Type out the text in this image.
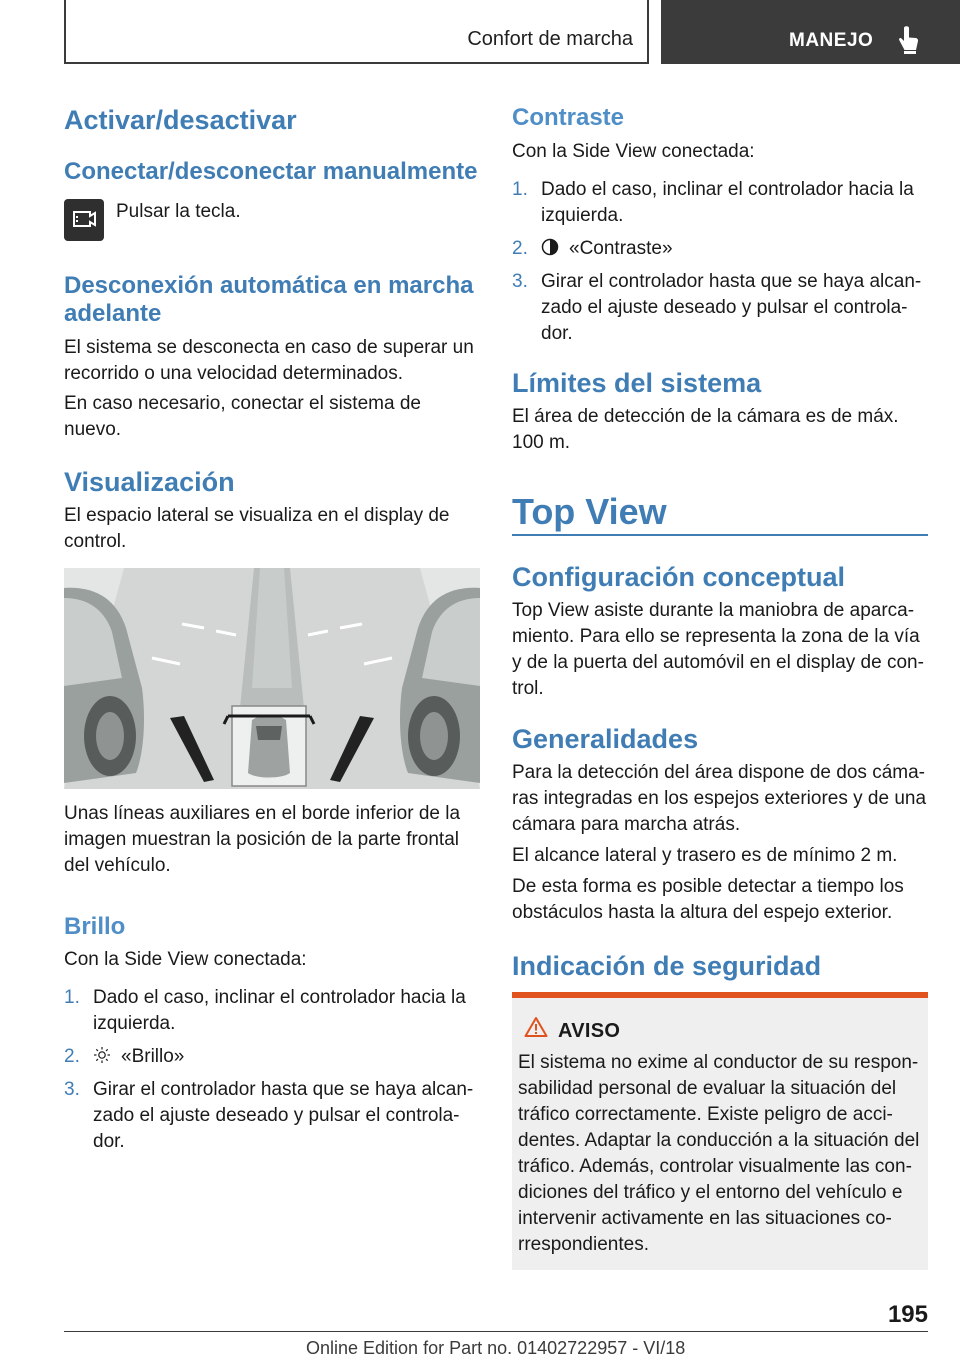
Confort de marcha	MANEJO
Activar/desactivar
Conectar/desconectar manualmente

Pulsar la tecla.

Desconexión automática en marcha adelante

El sistema se desconecta en caso de superar un recorrido o una velocidad determinados.

En caso necesario, conectar el sistema de nuevo.

Visualización

El espacio lateral se visualiza en el display de control.

Unas líneas auxiliares en el borde inferior de la imagen muestran la posición de la parte frontal del vehículo.

Brillo

Con la Side View conectada:

1. Dado el caso, inclinar el controlador hacia la izquierda.
2. «Brillo»
3. Girar el controlador hasta que se haya alcan‐ zado el ajuste deseado y pulsar el controla‐ dor.
Contraste

Con la Side View conectada:

1. Dado el caso, inclinar el controlador hacia la izquierda.
2. «Contraste»
3. Girar el controlador hasta que se haya alcan‐ zado el ajuste deseado y pulsar el controla‐ dor.
Límites del sistema

El área de detección de la cámara es de máx. 100 m.

Top View
Configuración conceptual

Top View asiste durante la maniobra de aparca‐ miento. Para ello se representa la zona de la vía y de la puerta del automóvil en el display de con‐ trol.

Generalidades

Para la detección del área dispone de dos cáma‐ ras integradas en los espejos exteriores y de una cámara para marcha atrás.

El alcance lateral y trasero es de mínimo 2 m.

De esta forma es posible detectar a tiempo los obstáculos hasta la altura del espejo exterior.

Indicación de seguridad
AVISO

El sistema no exime al conductor de su respon‐ sabilidad personal de evaluar la situación del tráfico correctamente. Existe peligro de acci‐ dentes. Adaptar la conducción a la situación del tráfico. Además, controlar visualmente las con‐ diciones del tráfico y el entorno del vehículo e intervenir activamente en las situaciones co‐ rrespondientes.

195
Online Edition for Part no. 01402722957 - VI/18
